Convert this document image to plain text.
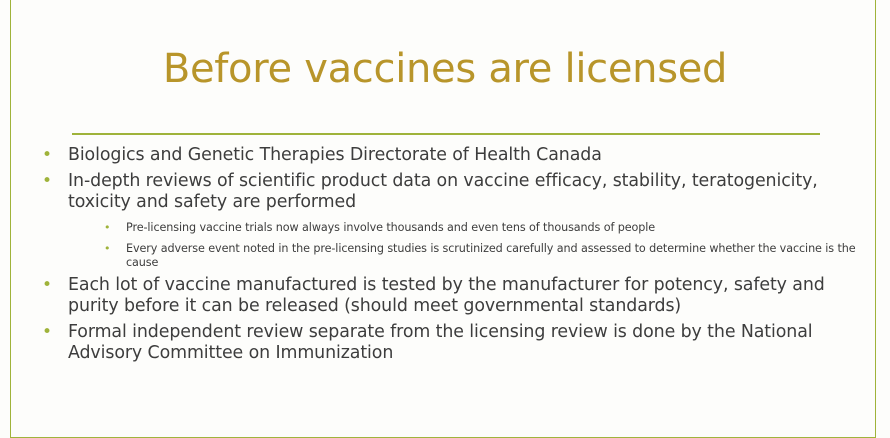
Before vaccines are licensed
• Biologics and Genetic Therapies Directorate of Health Canada
• In-depth reviews of scientific product data on vaccine efficacy, stability, teratogenicity, toxicity and safety are performed
• Pre-licensing vaccine trials now always involve thousands and even tens of thousands of people
• Every adverse event noted in the pre-licensing studies is scrutinized carefully and assessed to determine whether the vaccine is the cause
• Each lot of vaccine manufactured is tested by the manufacturer for potency, safety and purity before it can be released (should meet governmental standards)
• Formal independent review separate from the licensing review is done by the National Advisory Committee on Immunization
